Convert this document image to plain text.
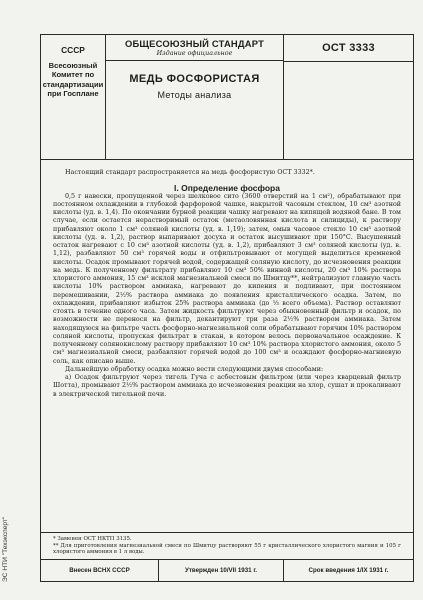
СССР
Всесоюзный
Комитет по
стандартизации
при Госплане
ОБЩЕСОЮЗНЫЙ СТАНДАРТ
Издание официальное
МЕДЬ ФОСФОРИСТАЯ
Методы анализа
ОСТ 3333

Настоящий стандарт распространяется на медь фосфористую ОСТ 3332*.

I. Определение фосфора

0,5 г навески, пропущенной через шелковое сито (3600 отверстий на 1 см²), обрабатывают при постоянном охлаждении в глубокой фарфоровой чашке, накрытой часовым стеклом, 10 см³ азотной кислоты (уд. в. 1,4). По окончании бурной реакции чашку нагревают на кипящей водяной бане. В том случае, если остается нерастворимый остаток (метаоловянная кислота и силициды), к раствору прибавляют около 1 см³ соляной кислоты (уд. в. 1,19); затем, омыв часовое стекло 10 см³ азотной кислоты (уд. в. 1,2), раствор выпаривают досуха и остаток высушивают при 150°С. Высушенный остаток нагревают с 10 см³ азотной кислоты (уд. в. 1,2), прибавляют 3 см³ соляной кислоты (уд. в. 1,12), разбавляют 50 см³ горячей воды и отфильтровывают от могущей выделиться кремневой кислоты. Осадок промывают горячей водой, содержащей соляную кислоту, до исчезновения реакции на медь. К полученному фильтрату прибавляют 10 см³ 50% винной кислоты, 20 см³ 10% раствора хлористого аммония, 15 см³ исклой магнезиальной смеси по Шмитцу**, нейтрализуют главную часть кислоты 10% раствором аммиака, нагревают до кипения и подливают, при постоянном перемешивании, 2½% раствора аммиака до появления кристаллического осадка. Затем, по охлаждении, прибавляют избыток 25% раствора аммиака (до ⅓ всего объема). Раствор оставляют стоять в течение одного часа. Затем жидкость фильтруют через обыкновенный фильтр и осадок, по возможности не перенося на фильтр, декантируют три раза 2½% раствором аммиака. Затем находящуюся на фильтре часть фосфорно-магнезиальной соли обрабатывают горячим 10% раствором соляной кислоты, пропуская фильтрат в стакан, в котором велось первоначальное осаждение. К полученному солянокислому раствору прибавляют 10 см³ 10% раствора хлористого аммония, около 5 см³ магнезиальной смеси, разбавляют горячей водой до 100 см³ и осаждают фосфорно-магниевую соль, как описано выше.

Дальнейшую обработку осадка можно вести следующими двумя способами:

а) Осадок фильтруют через тигель Гуча с асбестовым фильтром (или через кварцевый фильтр Шотта), промывают 2½% раствором аммиака до исчезновения реакции на хлор, сушат и прокаливают в электрической тигельной печи.

* Заменен ОСТ НКТП 3135.

** Для приготовления магнезиальной смеси по Шмитцу растворяют 55 г кристаллического хлористого магния и 105 г хлористого аммония в 1 л воды.

Внесен ВСНХ СССР	Утвержден 10/VII 1931 г.	Срок введения 1/IX 1931 г.
ЭС НТИ "Техэксперт"
